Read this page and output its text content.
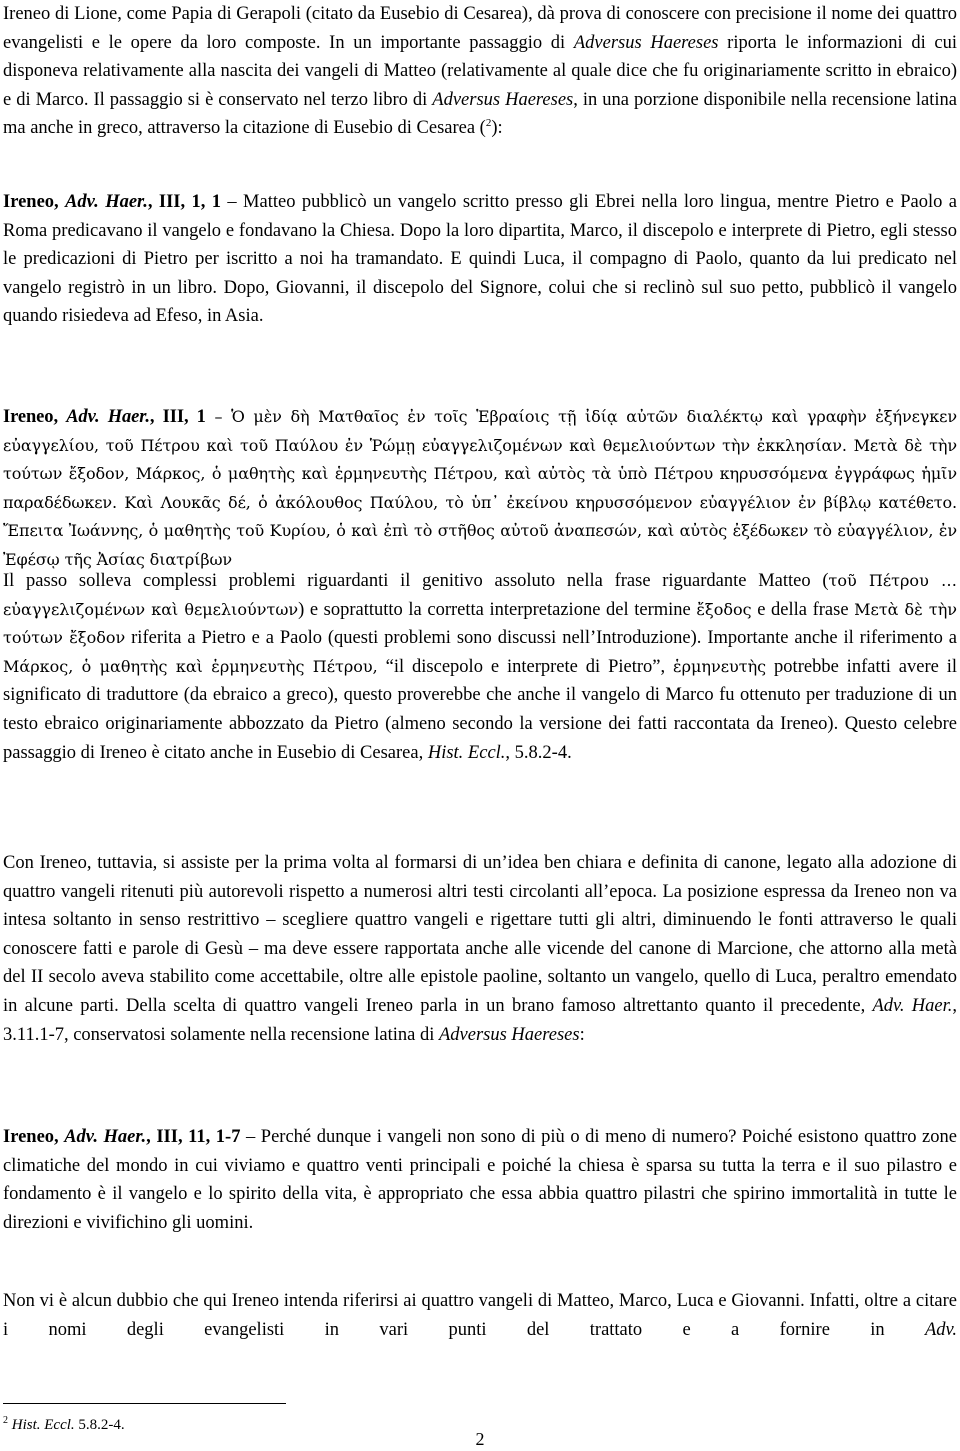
Ireneo di Lione, come Papia di Gerapoli (citato da Eusebio di Cesarea), dà prova di conoscere con precisione il nome dei quattro evangelisti e le opere da loro composte. In un importante passaggio di Adversus Haereses riporta le informazioni di cui disponeva relativamente alla nascita dei vangeli di Matteo (relativamente al quale dice che fu originariamente scritto in ebraico) e di Marco. Il passaggio si è conservato nel terzo libro di Adversus Haereses, in una porzione disponibile nella recensione latina ma anche in greco, attraverso la citazione di Eusebio di Cesarea ($^2$):

Ireneo, Adv. Haer., III, 1, 1 – Matteo pubblicò un vangelo scritto presso gli Ebrei nella loro lingua, mentre Pietro e Paolo a Roma predicavano il vangelo e fondavano la Chiesa. Dopo la loro dipartita, Marco, il discepolo e interprete di Pietro, egli stesso le predicazioni di Pietro per iscritto a noi ha tramandato. E quindi Luca, il compagno di Paolo, quanto da lui predicato nel vangelo registrò in un libro. Dopo, Giovanni, il discepolo del Signore, colui che si reclinò sul suo petto, pubblicò il vangelo quando risiedeva ad Efeso, in Asia.

Ireneo, Adv. Haer., III, 1 – Ὁ μὲν δὴ Ματθαῖος ἐν τοῖς Ἑβραίοις τῇ ἰδίᾳ αὐτῶν διαλέκτῳ καὶ γραφὴν ἐξήνεγκεν εὐαγγελίου, τοῦ Πέτρου καὶ τοῦ Παύλου ἐν Ῥώμῃ εὐαγγελιζομένων καὶ θεμελιούντων τὴν ἐκκλησίαν. Μετὰ δὲ τὴν τούτων ἔξοδον, Μάρκος, ὁ μαθητὴς καὶ ἑρμηνευτὴς Πέτρου, καὶ αὐτὸς τὰ ὑπὸ Πέτρου κηρυσσόμενα ἐγγράφως ἡμῖν παραδέδωκεν. Καὶ Λουκᾶς δέ, ὁ ἀκόλουθος Παύλου, τὸ ὑπ᾽ ἐκείνου κηρυσσόμενον εὐαγγέλιον ἐν βίβλῳ κατέθετο. Ἔπειτα Ἰωάννης, ὁ μαθητὴς τοῦ Κυρίου, ὁ καὶ ἐπὶ τὸ στῆθος αὐτοῦ ἀναπεσών, καὶ αὐτὸς ἐξέδωκεν τὸ εὐαγγέλιον, ἐν Ἐφέσῳ τῆς Ἀσίας διατρίβων

Il passo solleva complessi problemi riguardanti il genitivo assoluto nella frase riguardante Matteo (τοῦ Πέτρου … εὐαγγελιζομένων καὶ θεμελιούντων) e soprattutto la corretta interpretazione del termine ἔξοδος e della frase Μετὰ δὲ τὴν τούτων ἔξοδον riferita a Pietro e a Paolo (questi problemi sono discussi nell’Introduzione). Importante anche il riferimento a Μάρκος, ὁ μαθητὴς καὶ ἑρμηνευτὴς Πέτρου, “il discepolo e interprete di Pietro”, ἑρμηνευτὴς potrebbe infatti avere il significato di traduttore (da ebraico a greco), questo proverebbe che anche il vangelo di Marco fu ottenuto per traduzione di un testo ebraico originariamente abbozzato da Pietro (almeno secondo la versione dei fatti raccontata da Ireneo). Questo celebre passaggio di Ireneo è citato anche in Eusebio di Cesarea, Hist. Eccl., 5.8.2-4.

Con Ireneo, tuttavia, si assiste per la prima volta al formarsi di un’idea ben chiara e definita di canone, legato alla adozione di quattro vangeli ritenuti più autorevoli rispetto a numerosi altri testi circolanti all’epoca. La posizione espressa da Ireneo non va intesa soltanto in senso restrittivo – scegliere quattro vangeli e rigettare tutti gli altri, diminuendo le fonti attraverso le quali conoscere fatti e parole di Gesù – ma deve essere rapportata anche alle vicende del canone di Marcione, che attorno alla metà del II secolo aveva stabilito come accettabile, oltre alle epistole paoline, soltanto un vangelo, quello di Luca, peraltro emendato in alcune parti. Della scelta di quattro vangeli Ireneo parla in un brano famoso altrettanto quanto il precedente, Adv. Haer., 3.11.1-7, conservatosi solamente nella recensione latina di Adversus Haereses:

Ireneo, Adv. Haer., III, 11, 1-7 – Perché dunque i vangeli non sono di più o di meno di numero? Poiché esistono quattro zone climatiche del mondo in cui viviamo e quattro venti principali e poiché la chiesa è sparsa su tutta la terra e il suo pilastro e fondamento è il vangelo e lo spirito della vita, è appropriato che essa abbia quattro pilastri che spirino immortalità in tutte le direzioni e vivifichino gli uomini.

Non vi è alcun dubbio che qui Ireneo intenda riferirsi ai quattro vangeli di Matteo, Marco, Luca e Giovanni. Infatti, oltre a citare i nomi degli evangelisti in vari punti del trattato e a fornire in Adv.

$^2$ Hist. Eccl. 5.8.2-4.
2
